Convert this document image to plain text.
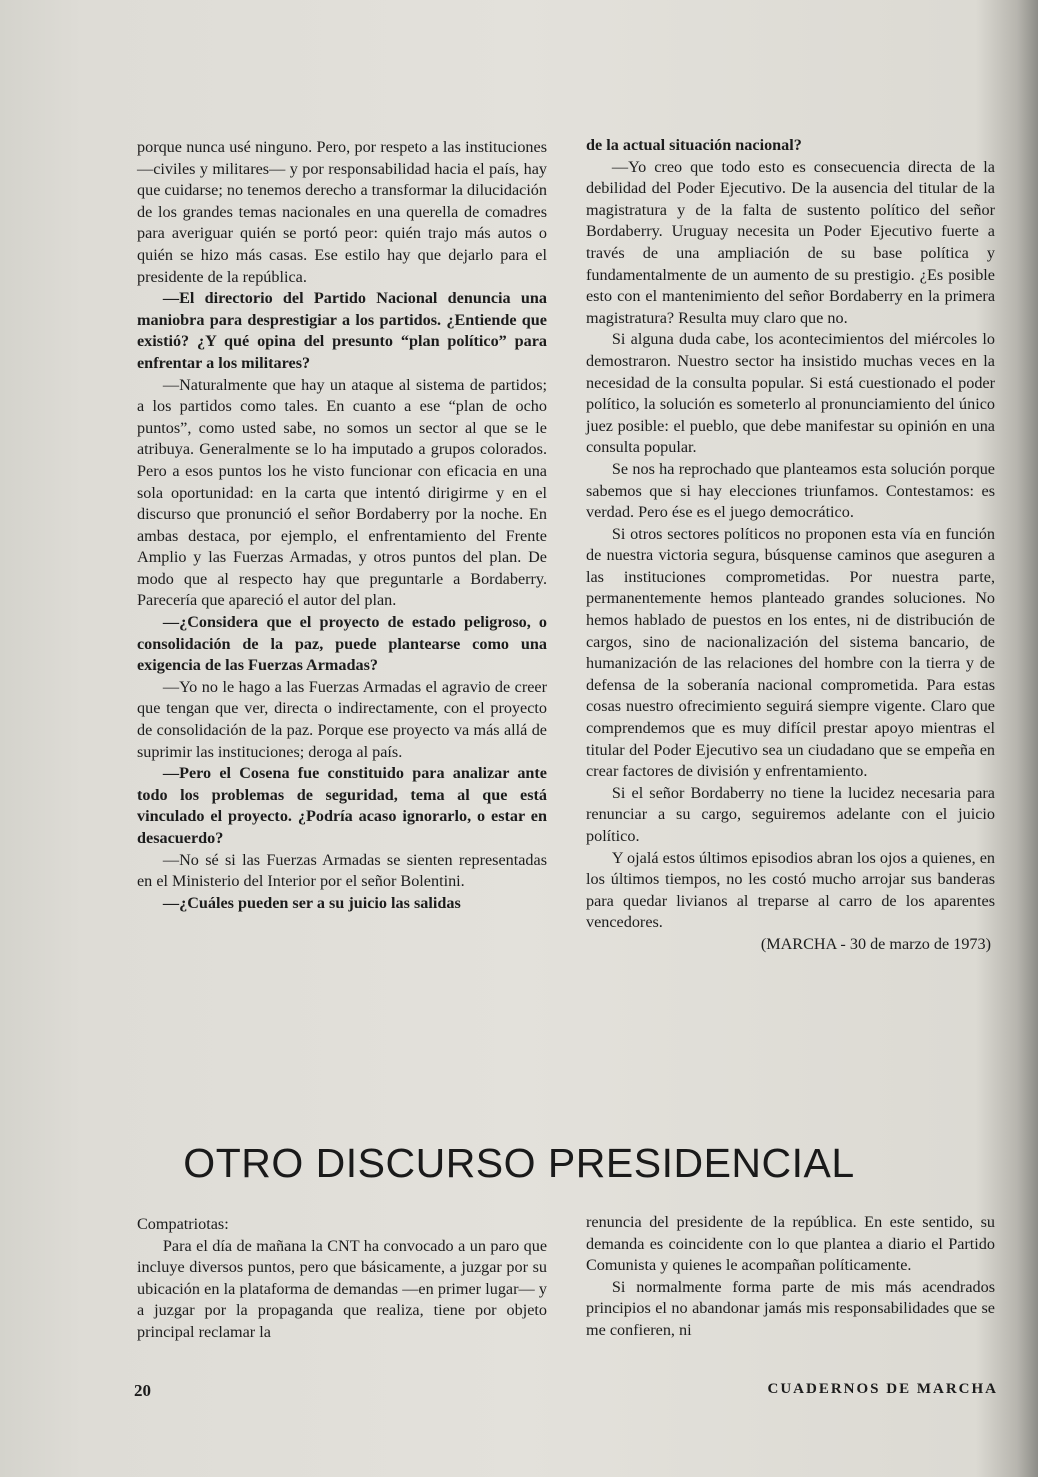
porque nunca usé ninguno. Pero, por respeto a las instituciones —civiles y militares— y por responsabilidad hacia el país, hay que cuidarse; no tenemos derecho a transformar la dilucidación de los grandes temas nacionales en una querella de comadres para averiguar quién se portó peor: quién trajo más autos o quién se hizo más casas. Ese estilo hay que dejarlo para el presidente de la república.

—El directorio del Partido Nacional denuncia una maniobra para desprestigiar a los partidos. ¿Entiende que existió? ¿Y qué opina del presunto “plan político” para enfrentar a los militares?

—Naturalmente que hay un ataque al sistema de partidos; a los partidos como tales. En cuanto a ese “plan de ocho puntos”, como usted sabe, no somos un sector al que se le atribuya. Generalmente se lo ha imputado a grupos colorados. Pero a esos puntos los he visto funcionar con eficacia en una sola oportunidad: en la carta que intentó dirigirme y en el discurso que pronunció el señor Bordaberry por la noche. En ambas destaca, por ejemplo, el enfrentamiento del Frente Amplio y las Fuerzas Armadas, y otros puntos del plan. De modo que al respecto hay que preguntarle a Bordaberry. Parecería que apareció el autor del plan.

—¿Considera que el proyecto de estado peligroso, o consolidación de la paz, puede plantearse como una exigencia de las Fuerzas Armadas?

—Yo no le hago a las Fuerzas Armadas el agravio de creer que tengan que ver, directa o indirectamente, con el proyecto de consolidación de la paz. Porque ese proyecto va más allá de suprimir las instituciones; deroga al país.

—Pero el Cosena fue constituido para analizar ante todo los problemas de seguridad, tema al que está vinculado el proyecto. ¿Podría acaso ignorarlo, o estar en desacuerdo?

—No sé si las Fuerzas Armadas se sienten representadas en el Ministerio del Interior por el señor Bolentini.

—¿Cuáles pueden ser a su juicio las salidas

de la actual situación nacional?

—Yo creo que todo esto es consecuencia directa de la debilidad del Poder Ejecutivo. De la ausencia del titular de la magistratura y de la falta de sustento político del señor Bordaberry. Uruguay necesita un Poder Ejecutivo fuerte a través de una ampliación de su base política y fundamentalmente de un aumento de su prestigio. ¿Es posible esto con el mantenimiento del señor Bordaberry en la primera magistratura? Resulta muy claro que no.

Si alguna duda cabe, los acontecimientos del miércoles lo demostraron. Nuestro sector ha insistido muchas veces en la necesidad de la consulta popular. Si está cuestionado el poder político, la solución es someterlo al pronunciamiento del único juez posible: el pueblo, que debe manifestar su opinión en una consulta popular.

Se nos ha reprochado que planteamos esta solución porque sabemos que si hay elecciones triunfamos. Contestamos: es verdad. Pero ése es el juego democrático.

Si otros sectores políticos no proponen esta vía en función de nuestra victoria segura, búsquense caminos que aseguren a las instituciones comprometidas. Por nuestra parte, permanentemente hemos planteado grandes soluciones. No hemos hablado de puestos en los entes, ni de distribución de cargos, sino de nacionalización del sistema bancario, de humanización de las relaciones del hombre con la tierra y de defensa de la soberanía nacional comprometida. Para estas cosas nuestro ofrecimiento seguirá siempre vigente. Claro que comprendemos que es muy difícil prestar apoyo mientras el titular del Poder Ejecutivo sea un ciudadano que se empeña en crear factores de división y enfrentamiento.

Si el señor Bordaberry no tiene la lucidez necesaria para renunciar a su cargo, seguiremos adelante con el juicio político.

Y ojalá estos últimos episodios abran los ojos a quienes, en los últimos tiempos, no les costó mucho arrojar sus banderas para quedar livianos al treparse al carro de los aparentes vencedores.

(MARCHA - 30 de marzo de 1973)

OTRO DISCURSO PRESIDENCIAL

Compatriotas:

Para el día de mañana la CNT ha convocado a un paro que incluye diversos puntos, pero que básicamente, a juzgar por su ubicación en la plataforma de demandas —en primer lugar— y a juzgar por la propaganda que realiza, tiene por objeto principal reclamar la

renuncia del presidente de la república. En este sentido, su demanda es coincidente con lo que plantea a diario el Partido Comunista y quienes le acompañan políticamente.

Si normalmente forma parte de mis más acendrados principios el no abandonar jamás mis responsabilidades que se me confieren, ni

20	CUADERNOS DE MARCHA
